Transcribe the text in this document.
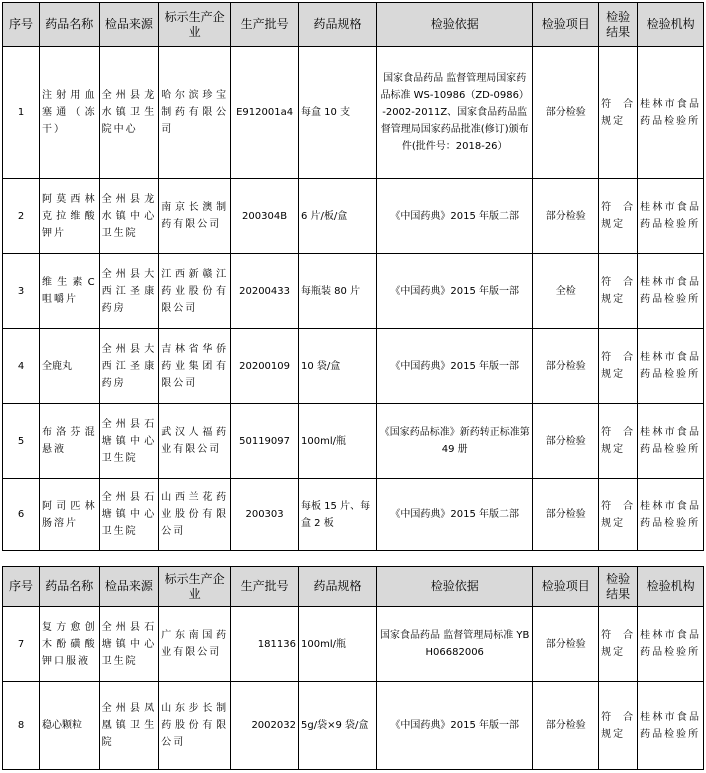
序号	药品名称	检品来源	标示生产企业	生产批号	药品规格	检验依据	检验项目	检验结果	检验机构
1	注射用血塞通（冻干）	全州县龙水镇卫生院中心	哈尔滨珍宝制药有限公司	E912001a4	每盒 10 支	国家食品药品 监督管理局国家药品标准 WS-10986（ZD-0986）-2002-2011Z、国家食品药品监督管理局国家药品批准(修订)颁布件(批件号：2018-26）	部分检验	符合规定	桂林市食品药品检验所
2	阿莫西林克拉维酸钾片	全州县龙水镇中心卫生院	南京长澳制药有限公司	200304B	6 片/板/盒	《中国药典》2015 年版二部	部分检验	符合规定	桂林市食品药品检验所
3	维生素C咀嚼片	全州县大西江圣康药房	江西新赣江药业股份有限公司	20200433	每瓶装 80 片	《中国药典》2015 年版一部	全检	符合规定	桂林市食品药品检验所
4	全鹿丸	全州县大西江圣康药房	吉林省华侨药业集团有限公司	20200109	10 袋/盒	《中国药典》2015 年版一部	部分检验	符合规定	桂林市食品药品检验所
5	布洛芬混悬液	全州县石塘镇中心卫生院	武汉人福药业有限公司	50119097	100ml/瓶	《国家药品标准》新药转正标准第 49 册	部分检验	符合规定	桂林市食品药品检验所
6	阿司匹林肠溶片	全州县石塘镇中心卫生院	山西兰花药业股份有限公司	200303	每板 15 片、每盒 2 板	《中国药典》2015 年版二部	部分检验	符合规定	桂林市食品药品检验所
序号	药品名称	检品来源	标示生产企业	生产批号	药品规格	检验依据	检验项目	检验结果	检验机构
7	复方愈创木酚磺酸钾口服液	全州县石塘镇中心卫生院	广东南国药业有限公司	181136	100ml/瓶	国家食品药品 监督管理局标准 YBH06682006	部分检验	符合规定	桂林市食品药品检验所
8	稳心颗粒	全州县凤凰镇卫生院	山东步长制药股份有限公司	2002032	5g/袋×9 袋/盒	《中国药典》2015 年版一部	部分检验	符合规定	桂林市食品药品检验所
